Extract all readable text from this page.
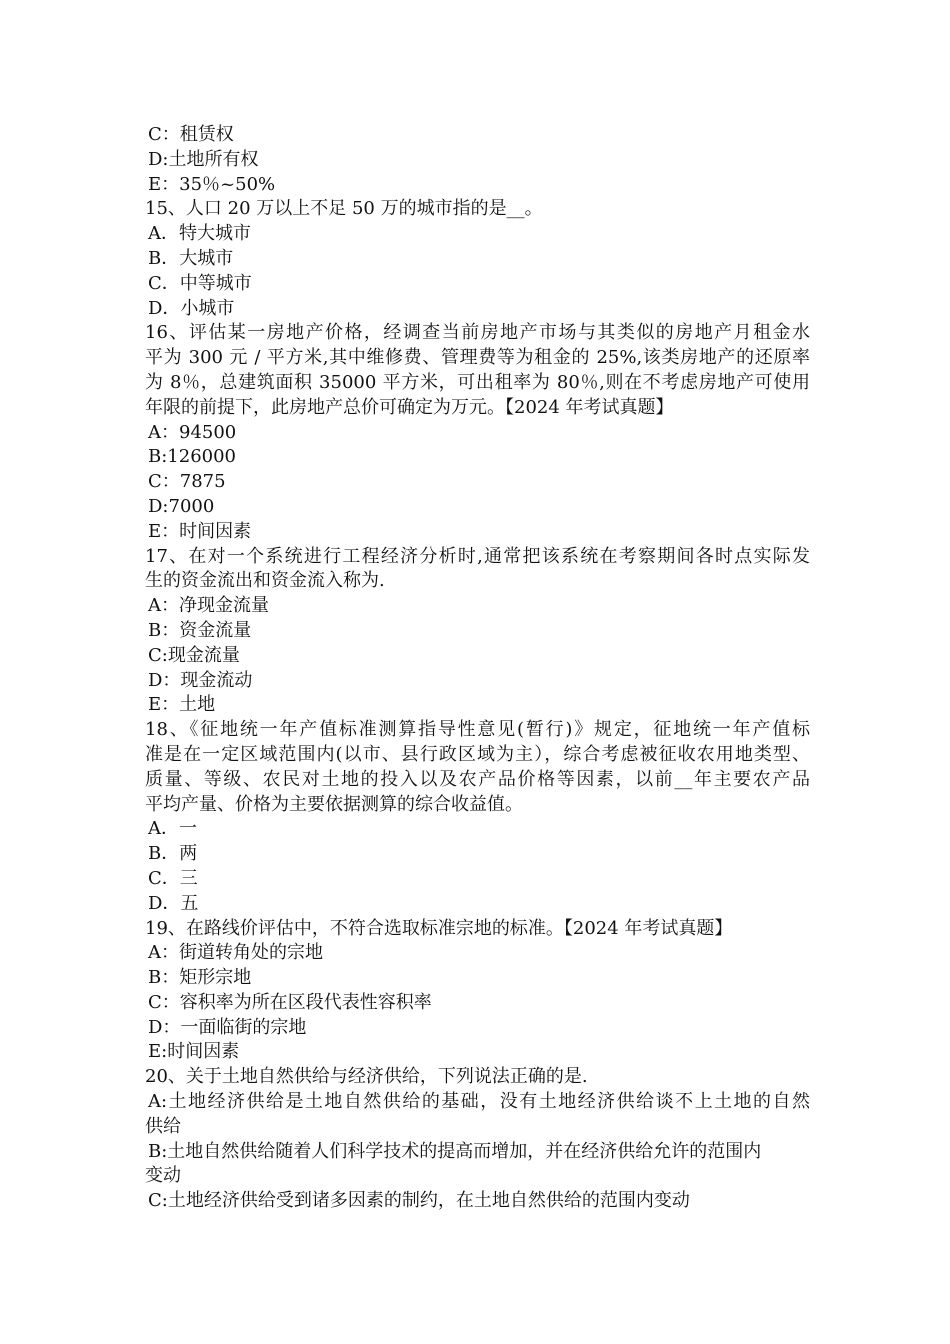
C：租赁权
D:土地所有权
E：35％~50%
15、人口 20 万以上不足 50 万的城市指的是__。
A．特大城市
B．大城市
C．中等城市
D．小城市
16、评估某一房地产价格，经调查当前房地产市场与其类似的房地产月租金水
平为 300 元 / 平方米,其中维修费、管理费等为租金的 25%,该类房地产的还原率
为 8％，总建筑面积 35000 平方米，可出租率为 80％,则在不考虑房地产可使用
年限的前提下，此房地产总价可确定为万元。【2024 年考试真题】
A：94500
B:126000
C：7875
D:7000
E：时间因素
17、在对一个系统进行工程经济分析时,通常把该系统在考察期间各时点实际发
生的资金流出和资金流入称为.
A：净现金流量
B：资金流量
C:现金流量
D：现金流动
E：土地
18、《征地统一年产值标准测算指导性意见(暂行)》规定，征地统一年产值标
准是在一定区域范围内(以市、县行政区域为主），综合考虑被征收农用地类型、
质量、等级、农民对土地的投入以及农产品价格等因素，以前__年主要农产品
平均产量、价格为主要依据测算的综合收益值。
A．一
B．两
C．三
D．五
19、在路线价评估中，不符合选取标准宗地的标准。【2024 年考试真题】
A：街道转角处的宗地
B：矩形宗地
C：容积率为所在区段代表性容积率
D：一面临街的宗地
E:时间因素
20、关于土地自然供给与经济供给，下列说法正确的是.
A:土地经济供给是土地自然供给的基础，没有土地经济供给谈不上土地的自然
供给
B:土地自然供给随着人们科学技术的提高而增加，并在经济供给允许的范围内
变动
C:土地经济供给受到诸多因素的制约，在土地自然供给的范围内变动
